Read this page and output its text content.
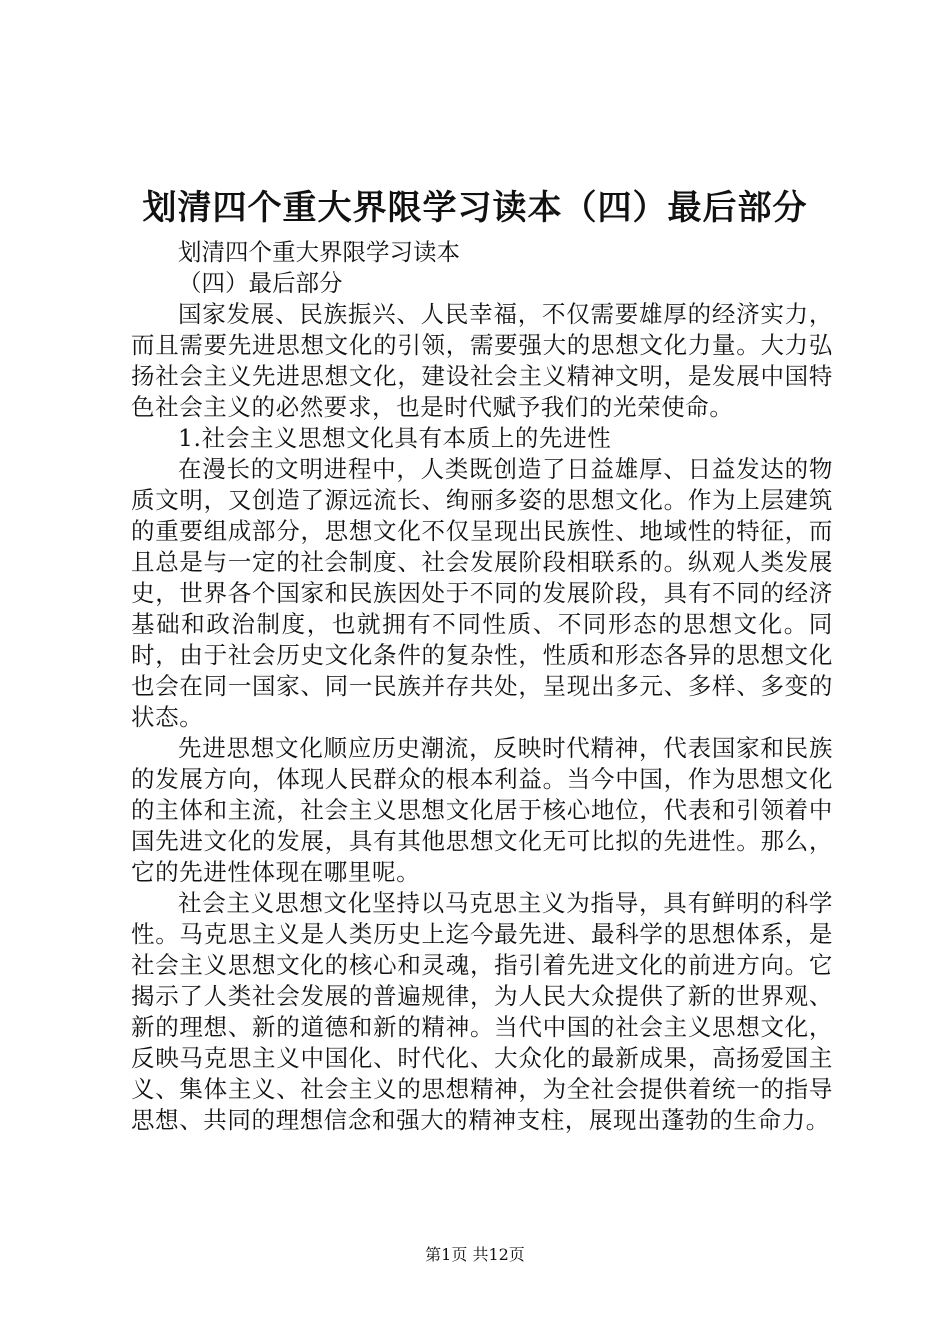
划清四个重大界限学习读本（四）最后部分

划清四个重大界限学习读本

（四）最后部分

国家发展、民族振兴、人民幸福，不仅需要雄厚的经济实力，而且需要先进思想文化的引领，需要强大的思想文化力量。大力弘扬社会主义先进思想文化，建设社会主义精神文明，是发展中国特色社会主义的必然要求，也是时代赋予我们的光荣使命。

1.社会主义思想文化具有本质上的先进性

在漫长的文明进程中，人类既创造了日益雄厚、日益发达的物质文明，又创造了源远流长、绚丽多姿的思想文化。作为上层建筑的重要组成部分，思想文化不仅呈现出民族性、地域性的特征，而且总是与一定的社会制度、社会发展阶段相联系的。纵观人类发展史，世界各个国家和民族因处于不同的发展阶段，具有不同的经济基础和政治制度，也就拥有不同性质、不同形态的思想文化。同时，由于社会历史文化条件的复杂性，性质和形态各异的思想文化也会在同一国家、同一民族并存共处，呈现出多元、多样、多变的状态。

先进思想文化顺应历史潮流，反映时代精神，代表国家和民族的发展方向，体现人民群众的根本利益。当今中国，作为思想文化的主体和主流，社会主义思想文化居于核心地位，代表和引领着中国先进文化的发展，具有其他思想文化无可比拟的先进性。那么，它的先进性体现在哪里呢。

社会主义思想文化坚持以马克思主义为指导，具有鲜明的科学性。马克思主义是人类历史上迄今最先进、最科学的思想体系，是社会主义思想文化的核心和灵魂，指引着先进文化的前进方向。它揭示了人类社会发展的普遍规律，为人民大众提供了新的世界观、新的理想、新的道德和新的精神。当代中国的社会主义思想文化，反映马克思主义中国化、时代化、大众化的最新成果，高扬爱国主义、集体主义、社会主义的思想精神，为全社会提供着统一的指导思想、共同的理想信念和强大的精神支柱，展现出蓬勃的生命力。

第1页 共12页
